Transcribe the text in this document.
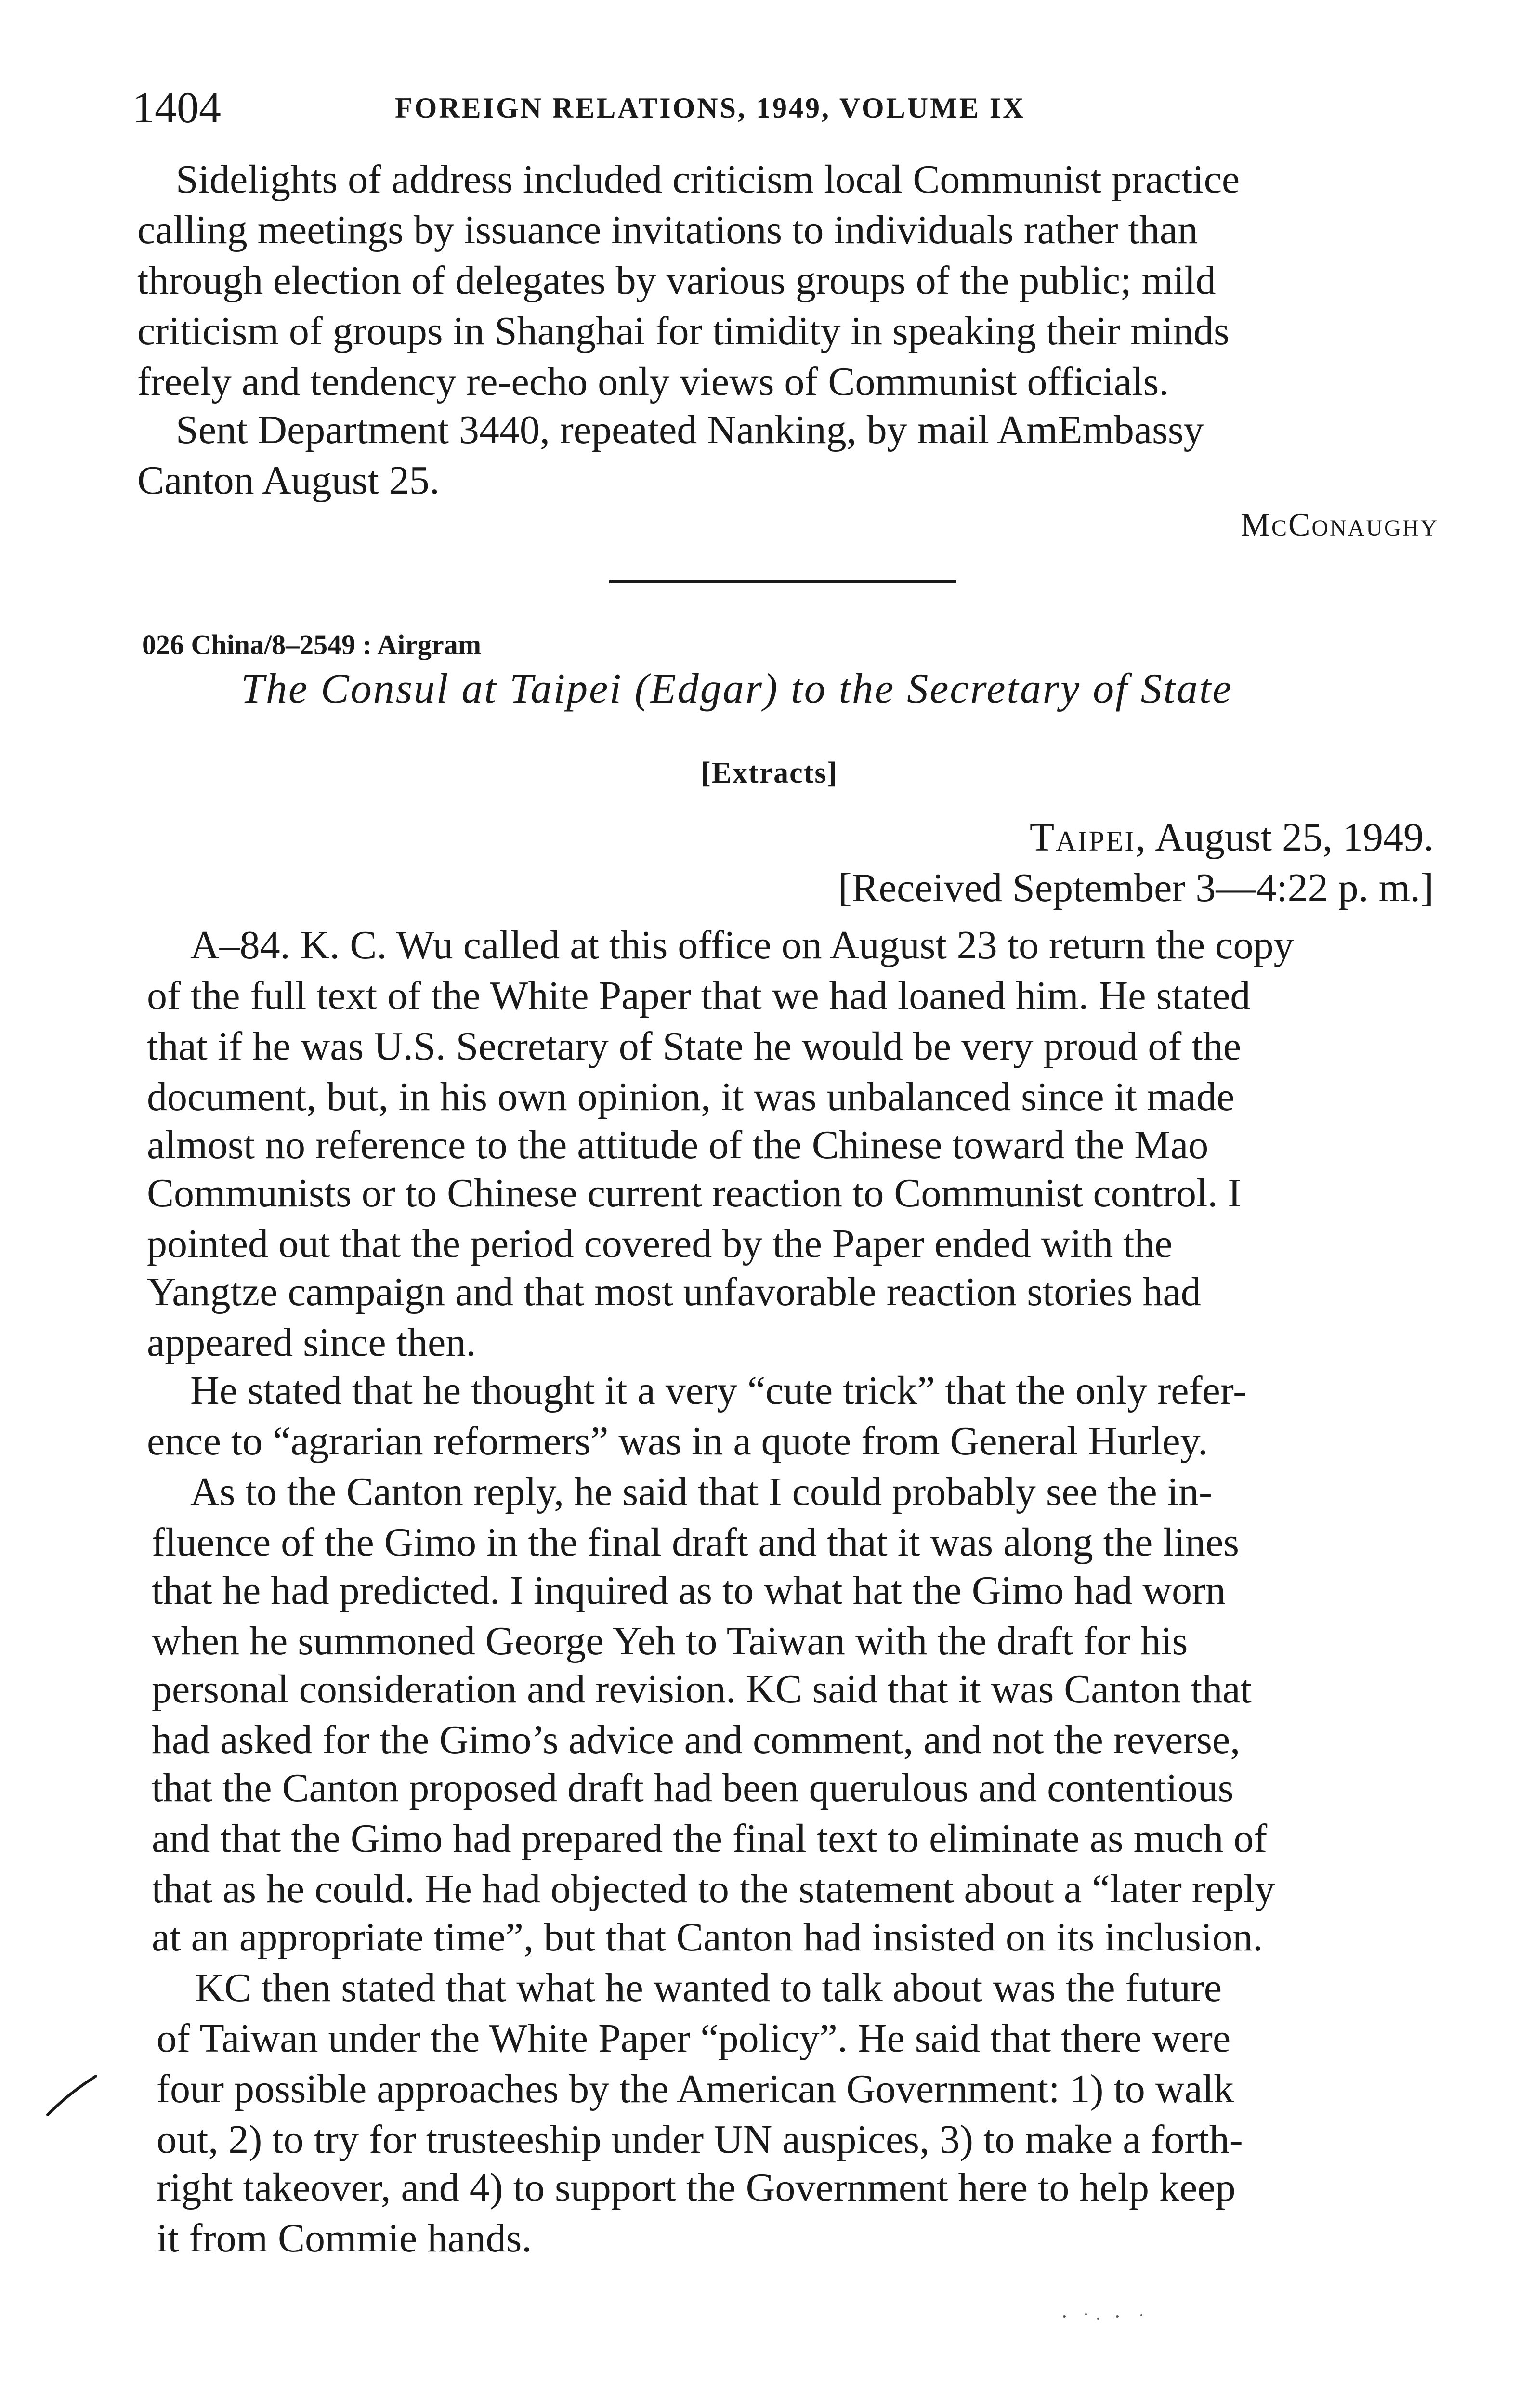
1404	FOREIGN RELATIONS, 1949, VOLUME IX
Sidelights of address included criticism local Communist practice
calling meetings by issuance invitations to individuals rather than
through election of delegates by various groups of the public; mild
criticism of groups in Shanghai for timidity in speaking their minds
freely and tendency re-echo only views of Communist officials.
Sent Department 3440, repeated Nanking, by mail AmEmbassy
Canton August 25.
McConaughy
026 China/8–2549 : Airgram
The Consul at Taipei (Edgar) to the Secretary of State
[Extracts]
Taipei, August 25, 1949.
[Received September 3—4:22 p. m.]
A–84. K. C. Wu called at this office on August 23 to return the copy
of the full text of the White Paper that we had loaned him. He stated
that if he was U.S. Secretary of State he would be very proud of the
document, but, in his own opinion, it was unbalanced since it made
almost no reference to the attitude of the Chinese toward the Mao
Communists or to Chinese current reaction to Communist control. I
pointed out that the period covered by the Paper ended with the
Yangtze campaign and that most unfavorable reaction stories had
appeared since then.
He stated that he thought it a very “cute trick” that the only refer-
ence to “agrarian reformers” was in a quote from General Hurley.
As to the Canton reply, he said that I could probably see the in-
fluence of the Gimo in the final draft and that it was along the lines
that he had predicted. I inquired as to what hat the Gimo had worn
when he summoned George Yeh to Taiwan with the draft for his
personal consideration and revision. KC said that it was Canton that
had asked for the Gimo’s advice and comment, and not the reverse,
that the Canton proposed draft had been querulous and contentious
and that the Gimo had prepared the final text to eliminate as much of
that as he could. He had objected to the statement about a “later reply
at an appropriate time”, but that Canton had insisted on its inclusion.
KC then stated that what he wanted to talk about was the future
of Taiwan under the White Paper “policy”. He said that there were
four possible approaches by the American Government: 1) to walk
out, 2) to try for trusteeship under UN auspices, 3) to make a forth-
right takeover, and 4) to support the Government here to help keep
it from Commie hands.
